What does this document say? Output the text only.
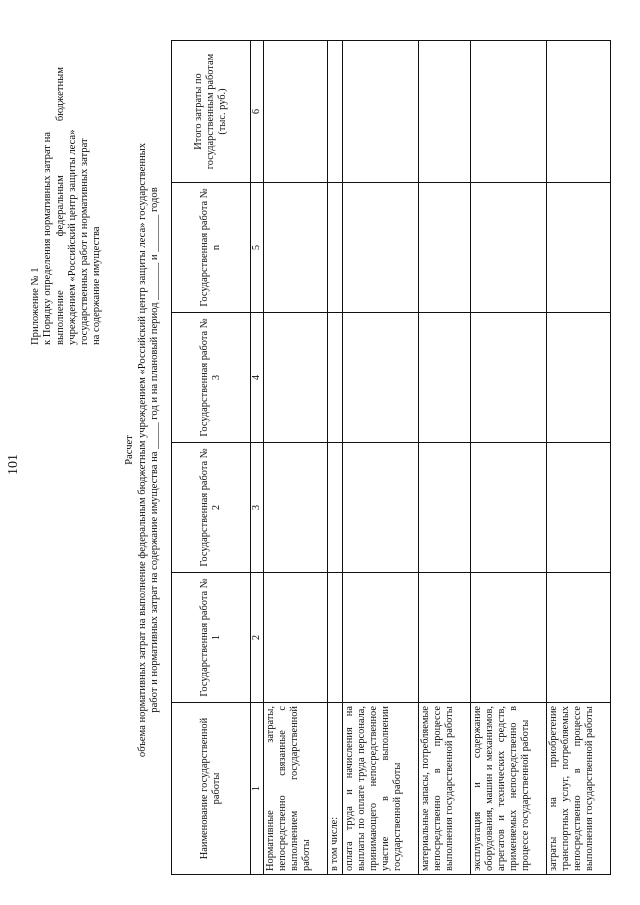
101
Приложение № 1 к Порядку определения нормативных затрат на выполнение федеральным бюджетным учреждением «Российский центр защиты леса» государственных работ и нормативных затрат на содержание имущества
Расчет объема нормативных затрат на выполнение федеральным бюджетным учреждением «Российский центр защиты леса» государственных работ и нормативных затрат на содержание имущества на _____ год и на плановый период _______ и _______ годов
Наименование государственной работы	Государственная работа № 1	Государственная работа № 2	Государственная работа № 3	Государственная работа № n	Итого затраты по государственным работам (тыс. руб.)
1	2	3	4	5	6
Нормативные затраты, непосредственно связанные с выполнением государственной работы					
в том числе:					
оплата труда и начисления на выплаты по оплате труда персонала, принимающего непосредственное участие в выполнении государственной работы					
материальные запасы, потребляемые непосредственно в процессе выполнения государственной работы					
эксплуатация и содержание оборудования, машин и механизмов, агрегатов и технических средств, применяемых непосредственно в процессе государственной работы					
затраты на приобретение транспортных услуг, потребляемых непосредственно в процессе выполнения государственной работы					
